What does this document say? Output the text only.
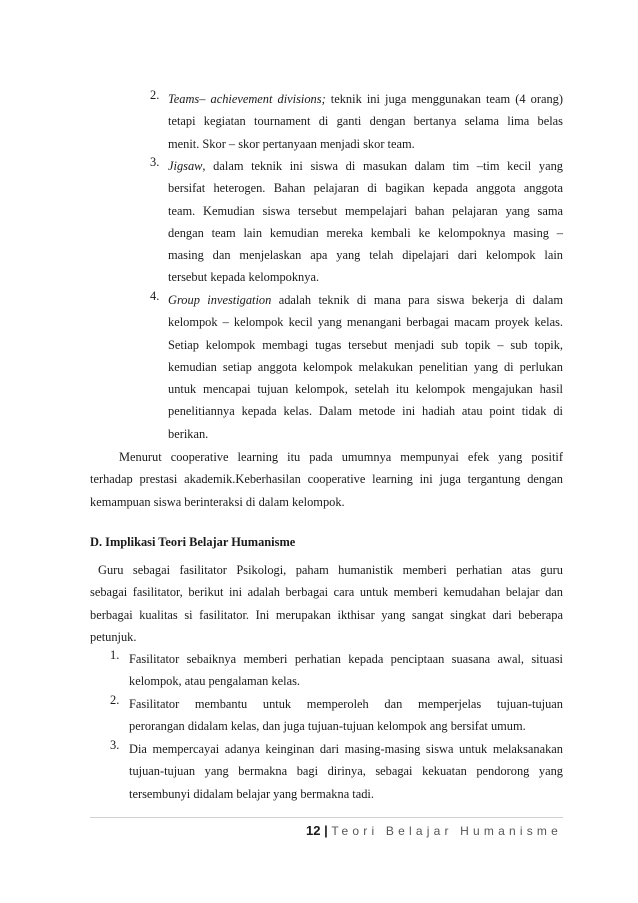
2. Teams– achievement divisions; teknik ini juga menggunakan team (4 orang)
tetapi kegiatan tournament di ganti dengan bertanya selama lima belas
menit. Skor – skor pertanyaan menjadi skor team.
3. Jigsaw, dalam teknik ini siswa di masukan dalam tim –tim kecil yang
bersifat heterogen. Bahan pelajaran di bagikan kepada anggota anggota
team. Kemudian siswa tersebut mempelajari bahan pelajaran yang sama
dengan team lain kemudian mereka kembali ke kelompoknya masing –
masing dan menjelaskan apa yang telah dipelajari dari kelompok lain
tersebut kepada kelompoknya.
4. Group investigation adalah teknik di mana para siswa bekerja di dalam
kelompok – kelompok kecil yang menangani berbagai macam proyek kelas.
Setiap kelompok membagi tugas tersebut menjadi sub topik – sub topik,
kemudian setiap anggota kelompok melakukan penelitian yang di perlukan
untuk mencapai tujuan kelompok, setelah itu kelompok mengajukan hasil
penelitiannya kepada kelas. Dalam metode ini hadiah atau point tidak di
berikan.
Menurut cooperative learning itu pada umumnya mempunyai efek yang positif
terhadap prestasi akademik.Keberhasilan cooperative learning ini juga tergantung dengan
kemampuan siswa berinteraksi di dalam kelompok.
D. Implikasi Teori Belajar Humanisme
Guru sebagai fasilitator Psikologi, paham humanistik memberi perhatian atas guru
sebagai fasilitator, berikut ini adalah berbagai cara untuk memberi kemudahan belajar dan
berbagai kualitas si fasilitator. Ini merupakan ikthisar yang sangat singkat dari beberapa
petunjuk.
1. Fasilitator sebaiknya memberi perhatian kepada penciptaan suasana awal, situasi
kelompok, atau pengalaman kelas.
2. Fasilitator membantu untuk memperoleh dan memperjelas tujuan-tujuan
perorangan didalam kelas, dan juga tujuan-tujuan kelompok ang bersifat umum.
3. Dia mempercayai adanya keinginan dari masing-masing siswa untuk melaksanakan
tujuan-tujuan yang bermakna bagi dirinya, sebagai kekuatan pendorong yang
tersembunyi didalam belajar yang bermakna tadi.
12 | Teori Belajar Humanisme
